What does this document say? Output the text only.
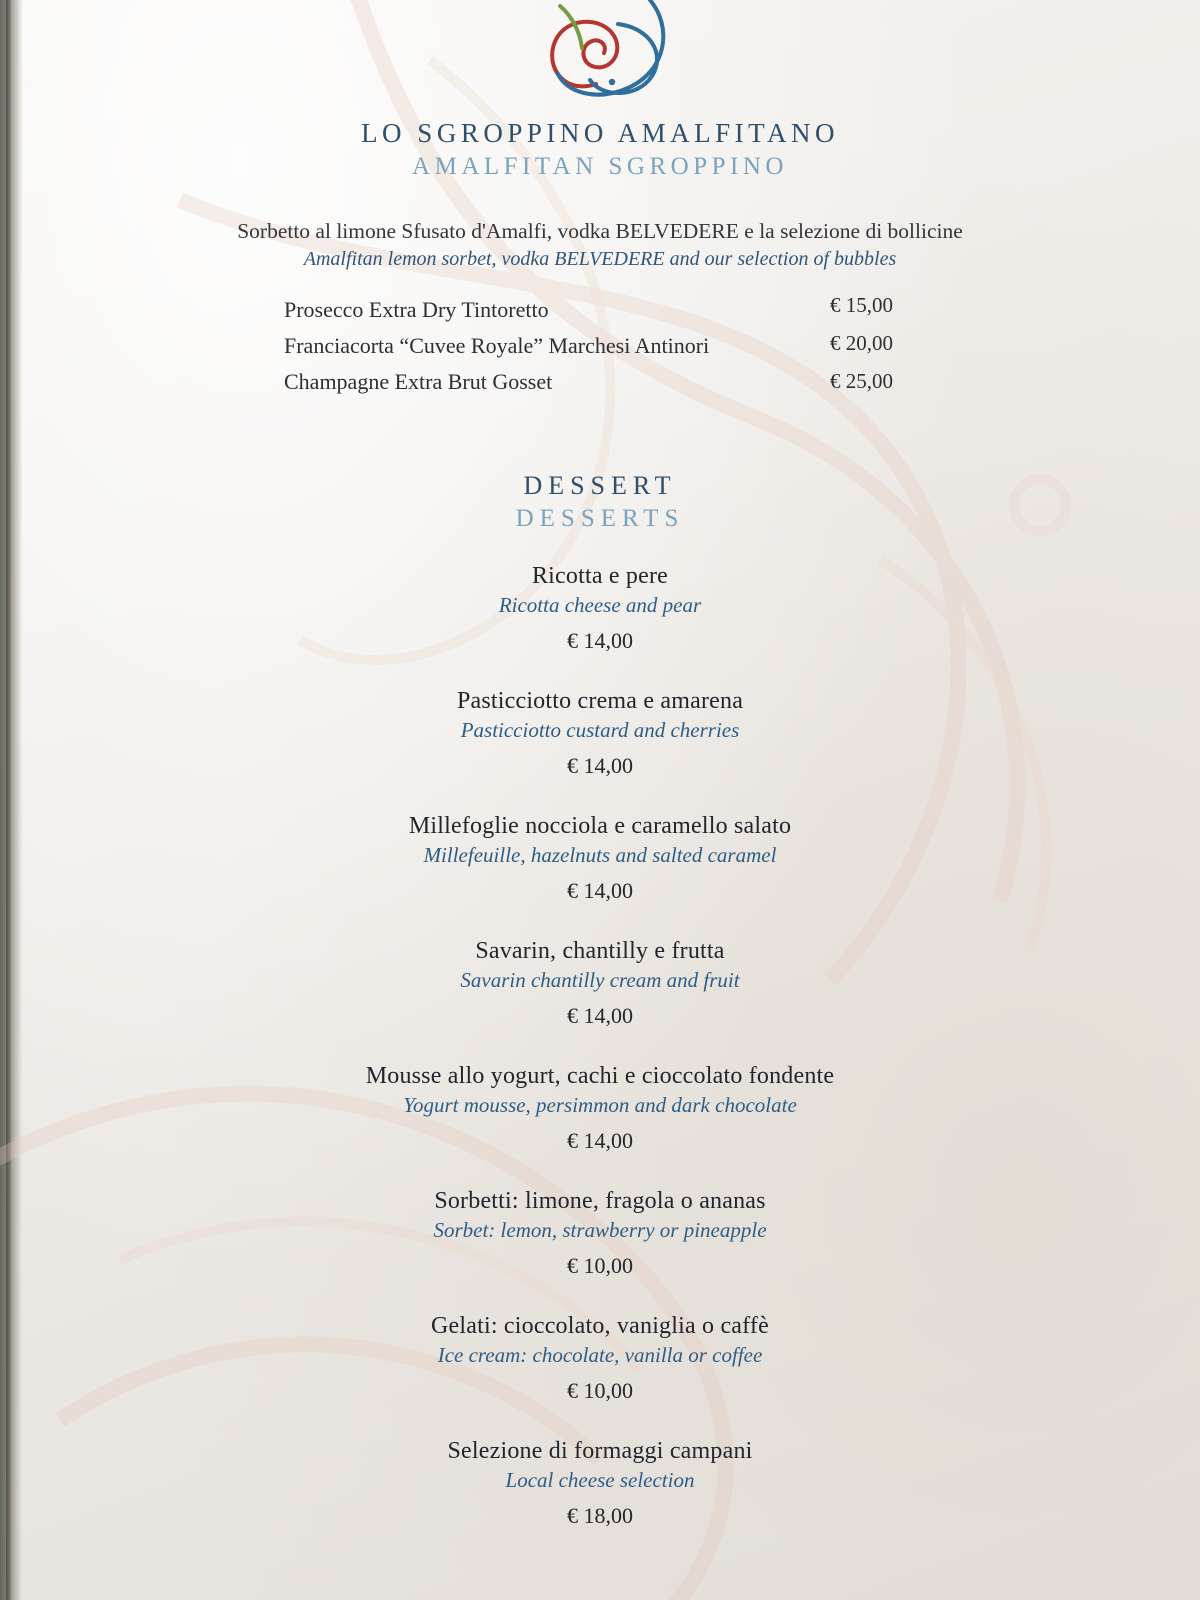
LO SGROPPINO AMALFITANO
AMALFITAN SGROPPINO
Sorbetto al limone Sfusato d'Amalfi, vodka BELVEDERE e la selezione di bollicine
Amalfitan lemon sorbet, vodka BELVEDERE and our selection of bubbles
Prosecco Extra Dry Tintoretto	€ 15,00
Franciacorta “Cuvee Royale” Marchesi Antinori	€ 20,00
Champagne Extra Brut Gosset	€ 25,00
DESSERT
DESSERTS
Ricotta e pere
Ricotta cheese and pear
€ 14,00
Pasticciotto crema e amarena
Pasticciotto custard and cherries
€ 14,00
Millefoglie nocciola e caramello salato
Millefeuille, hazelnuts and salted caramel
€ 14,00
Savarin, chantilly e frutta
Savarin chantilly cream and fruit
€ 14,00
Mousse allo yogurt, cachi e cioccolato fondente
Yogurt mousse, persimmon and dark chocolate
€ 14,00
Sorbetti: limone, fragola o ananas
Sorbet: lemon, strawberry or pineapple
€ 10,00
Gelati: cioccolato, vaniglia o caffè
Ice cream: chocolate, vanilla or coffee
€ 10,00
Selezione di formaggi campani
Local cheese selection
€ 18,00
